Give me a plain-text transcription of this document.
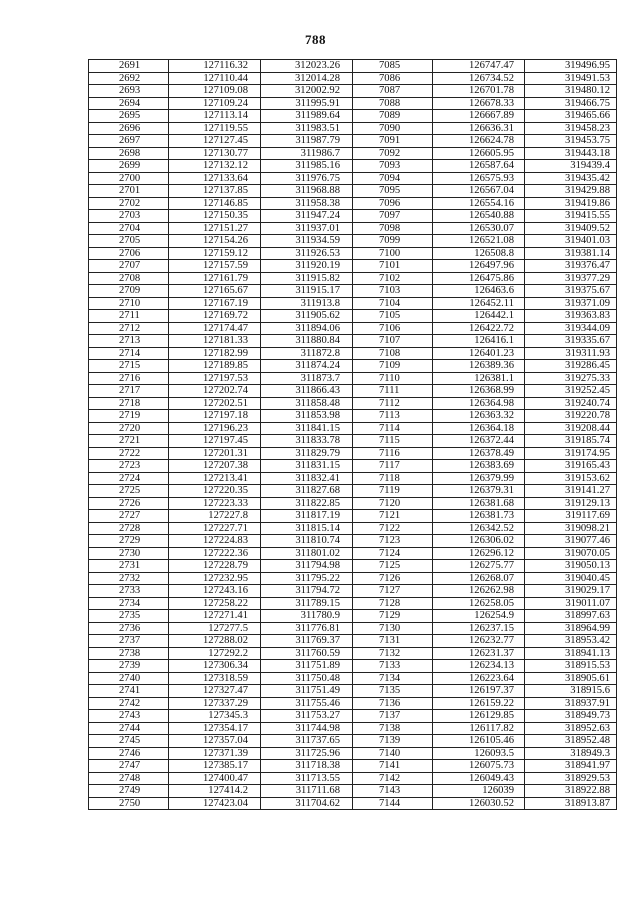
788
2691	127116.32	312023.26	7085	126747.47	319496.95
2692	127110.44	312014.28	7086	126734.52	319491.53
2693	127109.08	312002.92	7087	126701.78	319480.12
2694	127109.24	311995.91	7088	126678.33	319466.75
2695	127113.14	311989.64	7089	126667.89	319465.66
2696	127119.55	311983.51	7090	126636.31	319458.23
2697	127127.45	311987.79	7091	126624.78	319453.75
2698	127130.77	311986.7	7092	126605.95	319443.18
2699	127132.12	311985.16	7093	126587.64	319439.4
2700	127133.64	311976.75	7094	126575.93	319435.42
2701	127137.85	311968.88	7095	126567.04	319429.88
2702	127146.85	311958.38	7096	126554.16	319419.86
2703	127150.35	311947.24	7097	126540.88	319415.55
2704	127151.27	311937.01	7098	126530.07	319409.52
2705	127154.26	311934.59	7099	126521.08	319401.03
2706	127159.12	311926.53	7100	126508.8	319381.14
2707	127157.59	311920.19	7101	126497.96	319376.47
2708	127161.79	311915.82	7102	126475.86	319377.29
2709	127165.67	311915.17	7103	126463.6	319375.67
2710	127167.19	311913.8	7104	126452.11	319371.09
2711	127169.72	311905.62	7105	126442.1	319363.83
2712	127174.47	311894.06	7106	126422.72	319344.09
2713	127181.33	311880.84	7107	126416.1	319335.67
2714	127182.99	311872.8	7108	126401.23	319311.93
2715	127189.85	311874.24	7109	126389.36	319286.45
2716	127197.53	311873.7	7110	126381.1	319275.33
2717	127202.74	311866.43	7111	126368.99	319252.45
2718	127202.51	311858.48	7112	126364.98	319240.74
2719	127197.18	311853.98	7113	126363.32	319220.78
2720	127196.23	311841.15	7114	126364.18	319208.44
2721	127197.45	311833.78	7115	126372.44	319185.74
2722	127201.31	311829.79	7116	126378.49	319174.95
2723	127207.38	311831.15	7117	126383.69	319165.43
2724	127213.41	311832.41	7118	126379.99	319153.62
2725	127220.35	311827.68	7119	126379.31	319141.27
2726	127223.33	311822.85	7120	126381.68	319129.13
2727	127227.8	311817.19	7121	126381.73	319117.69
2728	127227.71	311815.14	7122	126342.52	319098.21
2729	127224.83	311810.74	7123	126306.02	319077.46
2730	127222.36	311801.02	7124	126296.12	319070.05
2731	127228.79	311794.98	7125	126275.77	319050.13
2732	127232.95	311795.22	7126	126268.07	319040.45
2733	127243.16	311794.72	7127	126262.98	319029.17
2734	127258.22	311789.15	7128	126258.05	319011.07
2735	127271.41	311780.9	7129	126254.9	318997.63
2736	127277.5	311776.81	7130	126237.15	318964.99
2737	127288.02	311769.37	7131	126232.77	318953.42
2738	127292.2	311760.59	7132	126231.37	318941.13
2739	127306.34	311751.89	7133	126234.13	318915.53
2740	127318.59	311750.48	7134	126223.64	318905.61
2741	127327.47	311751.49	7135	126197.37	318915.6
2742	127337.29	311755.46	7136	126159.22	318937.91
2743	127345.3	311753.27	7137	126129.85	318949.73
2744	127354.17	311744.98	7138	126117.82	318952.63
2745	127357.04	311737.65	7139	126105.46	318952.48
2746	127371.39	311725.96	7140	126093.5	318949.3
2747	127385.17	311718.38	7141	126075.73	318941.97
2748	127400.47	311713.55	7142	126049.43	318929.53
2749	127414.2	311711.68	7143	126039	318922.88
2750	127423.04	311704.62	7144	126030.52	318913.87
